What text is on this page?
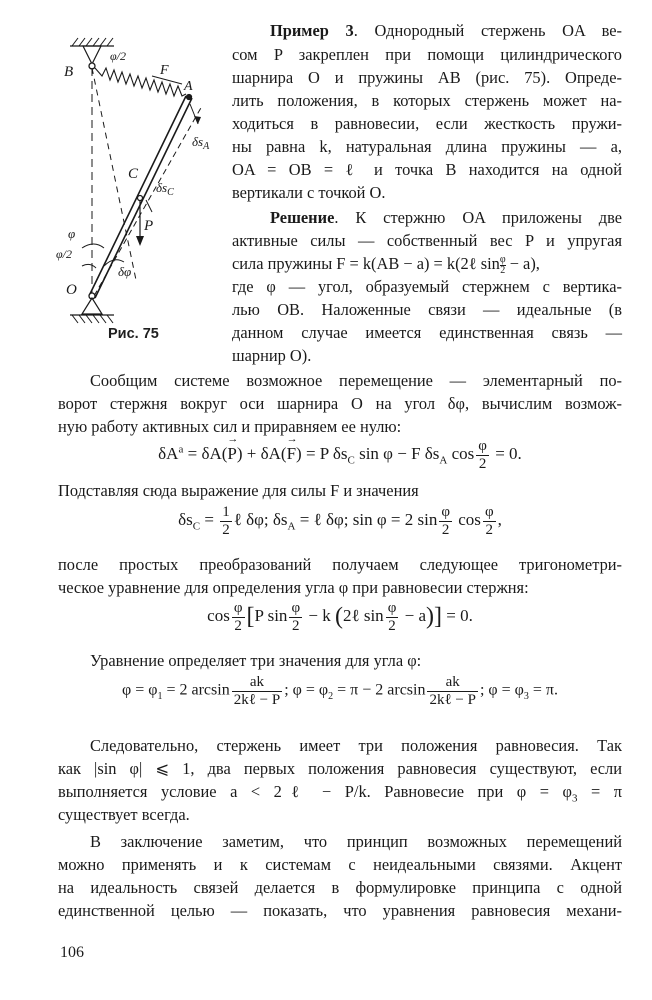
φ/2
B	F
A
$\delta s_A$
C
$\delta s_C$
P
φ
φ/2
δφ
O
Рис. 75
Пример 3. Однородный стержень OA ве-
сом P закреплен при помощи цилиндрического
шарнира O и пружины AB (рис. 75). Опреде-
лить положения, в которых стержень может на-
ходиться в равновесии, если жесткость пружи-
ны равна k, натуральная длина пружины — a,
OA = OB = ℓ и точка B находится на одной
вертикали с точкой O.
Решение. К стержню OA приложены две
активные силы — собственный вес P и упругая
сила пружины F = k(AB − a) = k(2ℓ $\sin \frac{\varphi}{2} - a$),
где φ — угол, образуемый стержнем с вертика-
лью OB. Наложенные связи — идеальные (в
данном случае имеется единственная связь —
шарнир O).
Сообщим системе возможное перемещение — элементарный по-
ворот стержня вокруг оси шарнира O на угол δφ, вычислим возмож-
ную работу активных сил и приравняем ее нулю:
$\delta A^a = \delta A(\to P) + \delta A(\to F) = P$ $\delta s_C$ sin φ − F $\delta s_A$ $\cos \frac{\varphi}{2} = 0$.
Подставляя сюда выражение для силы F и значения
$\delta s_C = \frac{1}{2}$ ℓ δφ; $\delta s_A$ = ℓ δφ; sin φ = 2 $\sin \frac{\varphi}{2}$ $\cos \frac{\varphi}{2}$ ,
после простых преобразований получаем следующее тригонометри-
ческое уравнение для определения угла φ при равновесии стержня:
$\cos \frac{\varphi}{2} [P$ $\sin \frac{\varphi}{2} - k$ (2ℓ $\sin \frac{\varphi}{2} - a)] = 0$.
Уравнение определяет три значения для угла φ:
$\varphi = \varphi_1 = 2$ $\arcsin \frac{ak}{\text{2kℓ − P}}$ ; $\varphi = \varphi_2 = \pi - 2$ $\arcsin \frac{ak}{\text{2kℓ − P}}$ ; $\varphi = \varphi_3 = \pi$.
Следовательно, стержень имеет три положения равновесия. Так
как |sin φ| ⩽ 1, два первых положения равновесия существуют, если
выполняется условие a < 2ℓ − P/k. Равновесие при $\varphi = \varphi_3 = \pi$
существует всегда.
В заключение заметим, что принцип возможных перемещений
можно применять и к системам с неидеальными связями. Акцент
на идеальность связей делается в формулировке принципа с одной
единственной целью — показать, что уравнения равновесия механи-
106
